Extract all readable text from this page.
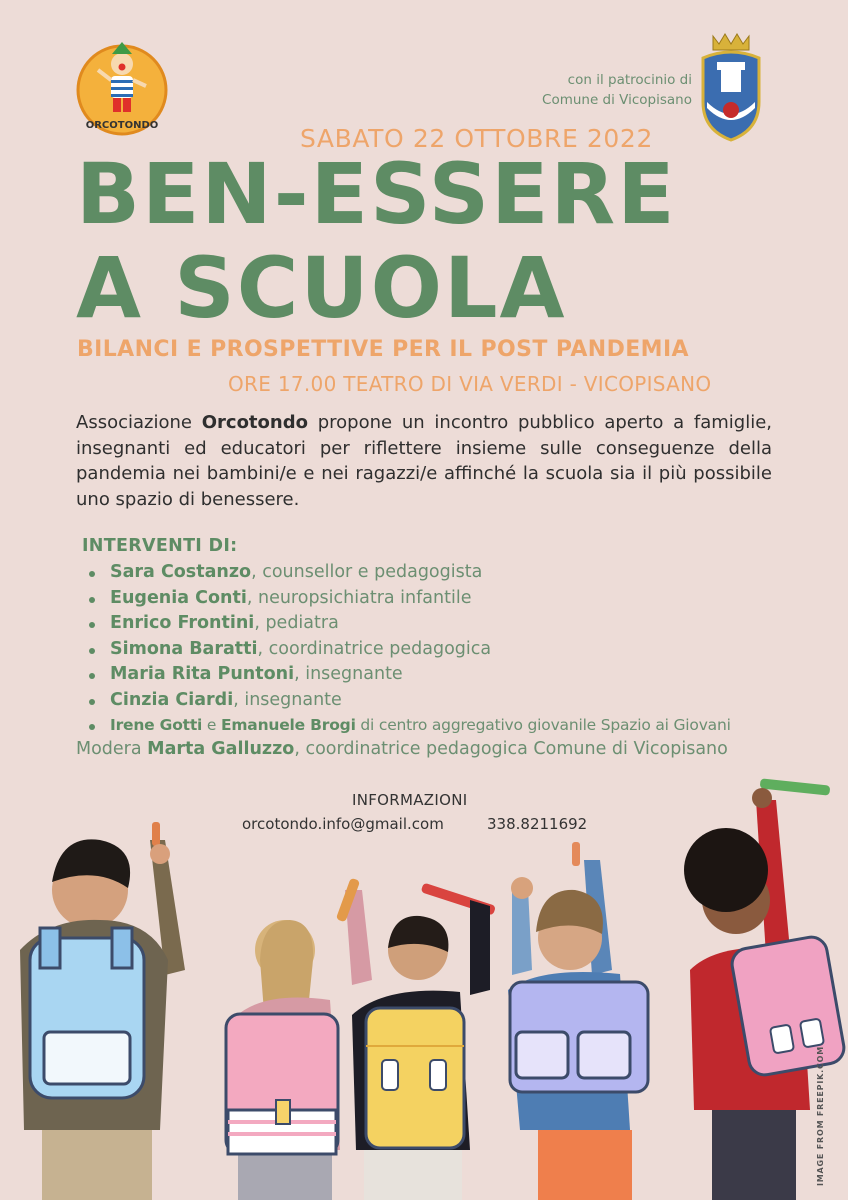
ORCOTONDO
con il patrocinio di
Comune di Vicopisano
SABATO 22 OTTOBRE 2022
BEN-ESSERE
A SCUOLA
BILANCI E PROSPETTIVE PER IL POST PANDEMIA
ORE 17.00 TEATRO DI VIA VERDI - VICOPISANO
Associazione Orcotondo propone un incontro pubblico aperto a famiglie, insegnanti ed educatori per riflettere insieme sulle conseguenze della pandemia nei bambini/e e nei ragazzi/e affinché la scuola sia il più possibile uno spazio di benessere.
INTERVENTI DI:
Sara Costanzo, counsellor e pedagogista
Eugenia Conti, neuropsichiatra infantile
Enrico Frontini, pediatra
Simona Baratti, coordinatrice pedagogica
Maria Rita Puntoni, insegnante
Cinzia Ciardi, insegnante
Irene Gotti e Emanuele Brogi di centro aggregativo giovanile Spazio ai Giovani
Modera Marta Galluzzo, coordinatrice pedagogica Comune di Vicopisano
INFORMAZIONI
orcotondo.info@gmail.com	338.8211692
IMAGE FROM FREEPIK.COM
